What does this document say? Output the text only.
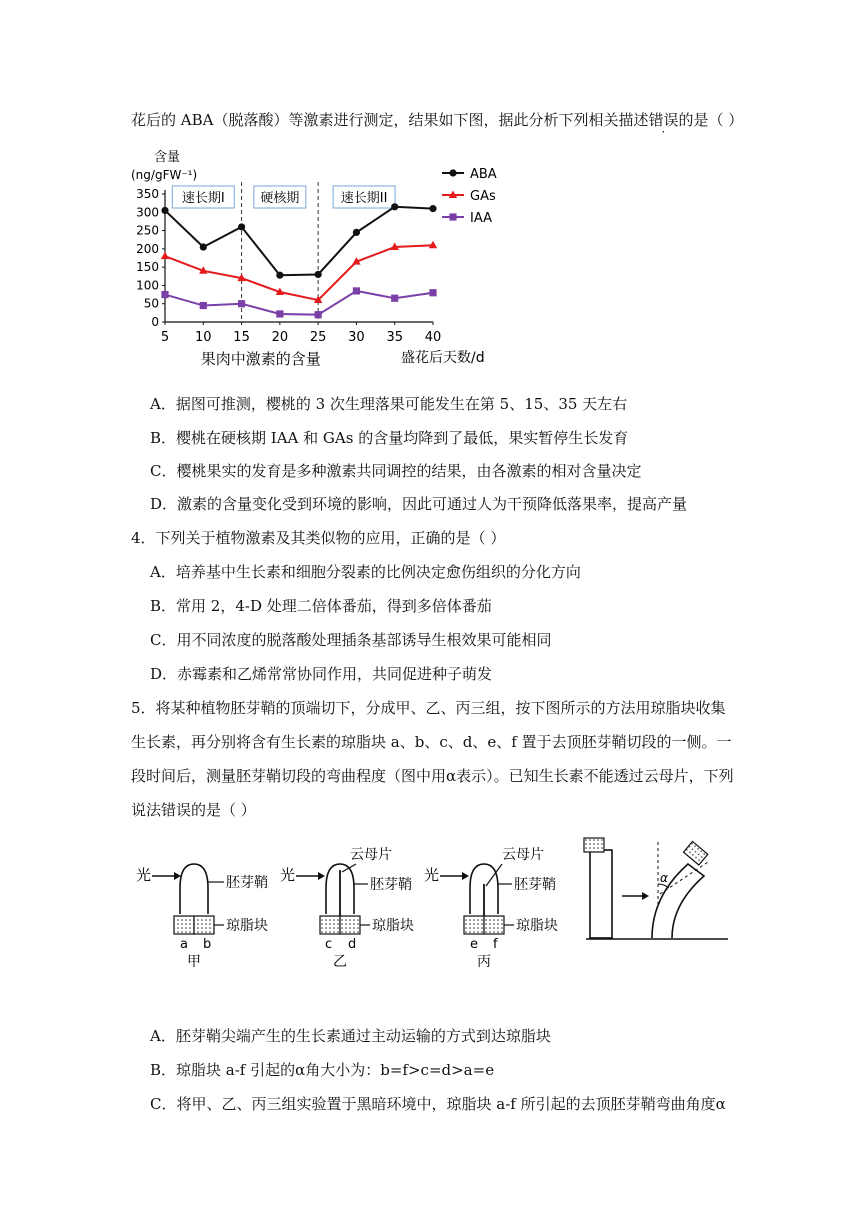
花后的 ABA（脱落酸）等激素进行测定，结果如下图，据此分析下列相关描述错误的是（ ）
0
50
100
150
200
250
300
350
5 10 15 20 25 30 35 40
含量
(ng/gFW⁻¹)
盛花后天数/d
果肉中激素的含量
速长期I	硬核期	速长期II
ABA
GAs
IAA
A．据图可推测，樱桃的 3 次生理落果可能发生在第 5、15、35 天左右
B．樱桃在硬核期 IAA 和 GAs 的含量均降到了最低，果实暂停生长发育
C．樱桃果实的发育是多种激素共同调控的结果，由各激素的相对含量决定
D．激素的含量变化受到环境的影响，因此可通过人为干预降低落果率，提高产量
4．下列关于植物激素及其类似物的应用，正确的是（ ）
A．培养基中生长素和细胞分裂素的比例决定愈伤组织的分化方向
B．常用 2，4-D 处理二倍体番茄，得到多倍体番茄
C．用不同浓度的脱落酸处理插条基部诱导生根效果可能相同
D．赤霉素和乙烯常常协同作用，共同促进种子萌发
5．将某种植物胚芽鞘的顶端切下，分成甲、乙、丙三组，按下图所示的方法用琼脂块收集
生长素，再分别将含有生长素的琼脂块 a、b、c、d、e、f 置于去顶胚芽鞘切段的一侧。一
段时间后，测量胚芽鞘切段的弯曲程度（图中用α表示）。已知生长素不能透过云母片，下列
说法错误的是（ ）
光	胚芽鞘
琼脂块
a b
甲
光
云母片
胚芽鞘
琼脂块
c d
乙
光
云母片
胚芽鞘
琼脂块
e f
丙
α
A．胚芽鞘尖端产生的生长素通过主动运输的方式到达琼脂块
B．琼脂块 a-f 引起的α角大小为：b=f>c=d>a=e
C．将甲、乙、丙三组实验置于黑暗环境中，琼脂块 a-f 所引起的去顶胚芽鞘弯曲角度α
